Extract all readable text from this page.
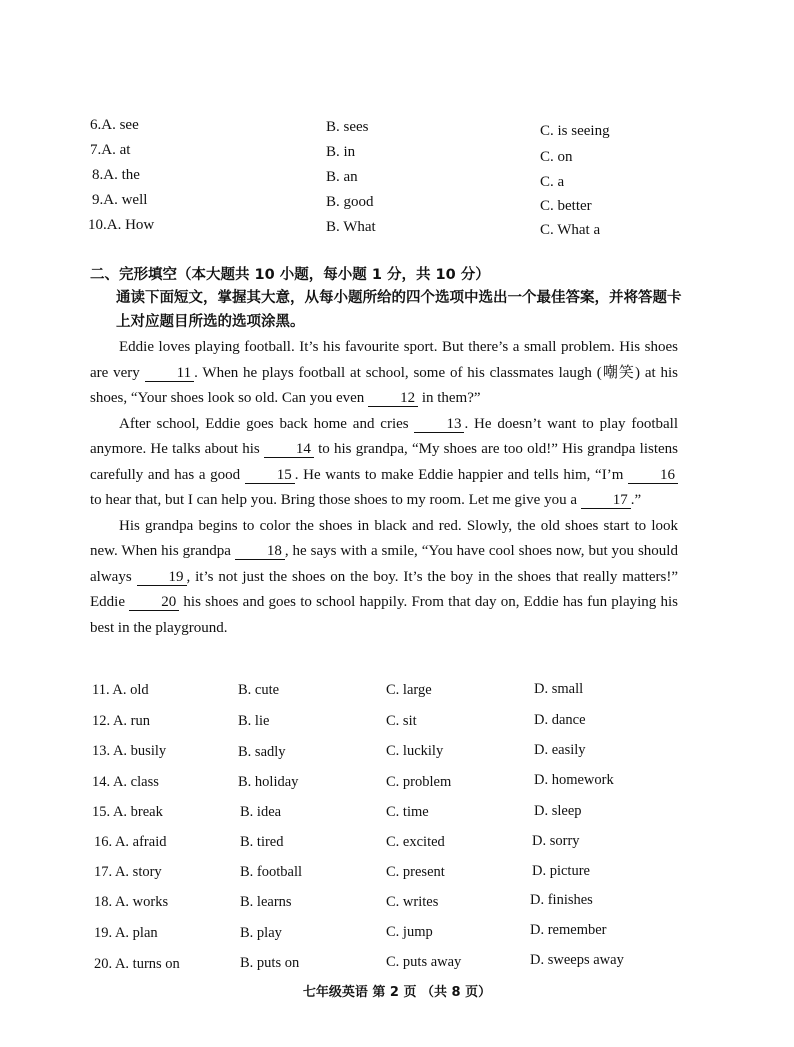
6.A. see	B. sees	C. is seeing
7.A. at	B. in	C. on
8.A. the	B. an	C. a
9.A. well	B. good	C. better
10.A. How	B. What	C. What a
二、完形填空（本大题共 10 小题，每小题 1 分，共 10 分）
通读下面短文，掌握其大意，从每小题所给的四个选项中选出一个最佳答案，并将答题卡上对应题目所选的选项涂黑。

Eddie loves playing football. It’s his favourite sport. But there’s a small problem. His shoes are very 11 . When he plays football at school, some of his classmates laugh (嘲笑) at his shoes, “Your shoes look so old. Can you even 12 in them?”

After school, Eddie goes back home and cries 13 . He doesn’t want to play football anymore. He talks about his 14 to his grandpa, “My shoes are too old!” His grandpa listens carefully and has a good 15 . He wants to make Eddie happier and tells him, “I’m 16 to hear that, but I can help you. Bring those shoes to my room. Let me give you a 17 .”

His grandpa begins to color the shoes in black and red. Slowly, the old shoes start to look new. When his grandpa 18 , he says with a smile, “You have cool shoes now, but you should always 19 , it’s not just the shoes on the boy. It’s the boy in the shoes that really matters!” Eddie 20 his shoes and goes to school happily. From that day on, Eddie has fun playing his best in the playground.

11. A. old	B. cute	C. large	D. small
12. A. run	B. lie	C. sit	D. dance
13. A. busily	B. sadly	C. luckily	D. easily
14. A. class	B. holiday	C. problem	D. homework
15. A. break	B. idea	C. time	D. sleep
16. A. afraid	B. tired	C. excited	D. sorry
17. A. story	B. football	C. present	D. picture
18. A. works	B. learns	C. writes	D. finishes
19. A. plan	B. play	C. jump	D. remember
20. A. turns on	B. puts on	C. puts away	D. sweeps away
七年级英语 第 2 页 （共 8 页）
